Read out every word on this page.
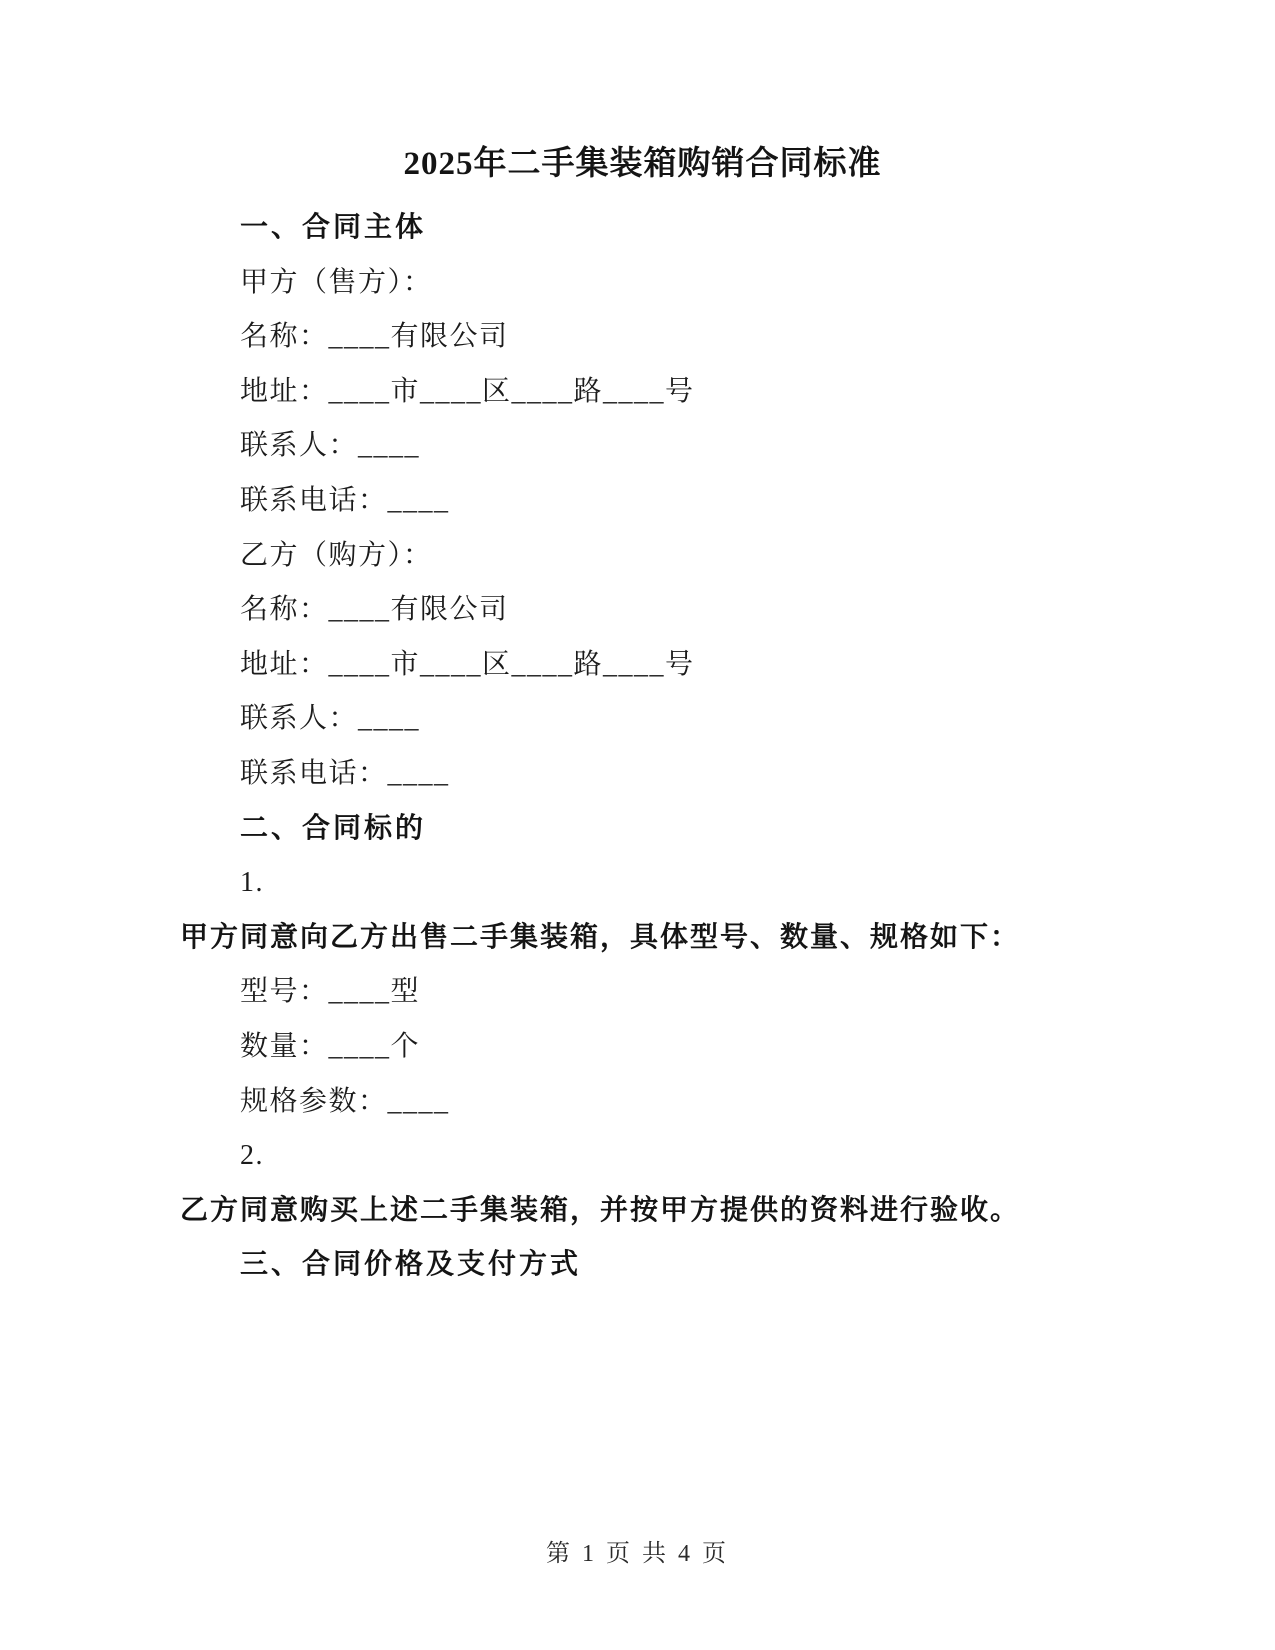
2025年二手集装箱购销合同标准
一、合同主体
甲方（售方）：
名称：____有限公司
地址：____市____区____路____号
联系人：____
联系电话：____
乙方（购方）：
名称：____有限公司
地址：____市____区____路____号
联系人：____
联系电话：____
二、合同标的
1.
甲方同意向乙方出售二手集装箱，具体型号、数量、规格如下：
型号：____型
数量：____个
规格参数：____
2.
乙方同意购买上述二手集装箱，并按甲方提供的资料进行验收。
三、合同价格及支付方式
第 1 页 共 4 页
